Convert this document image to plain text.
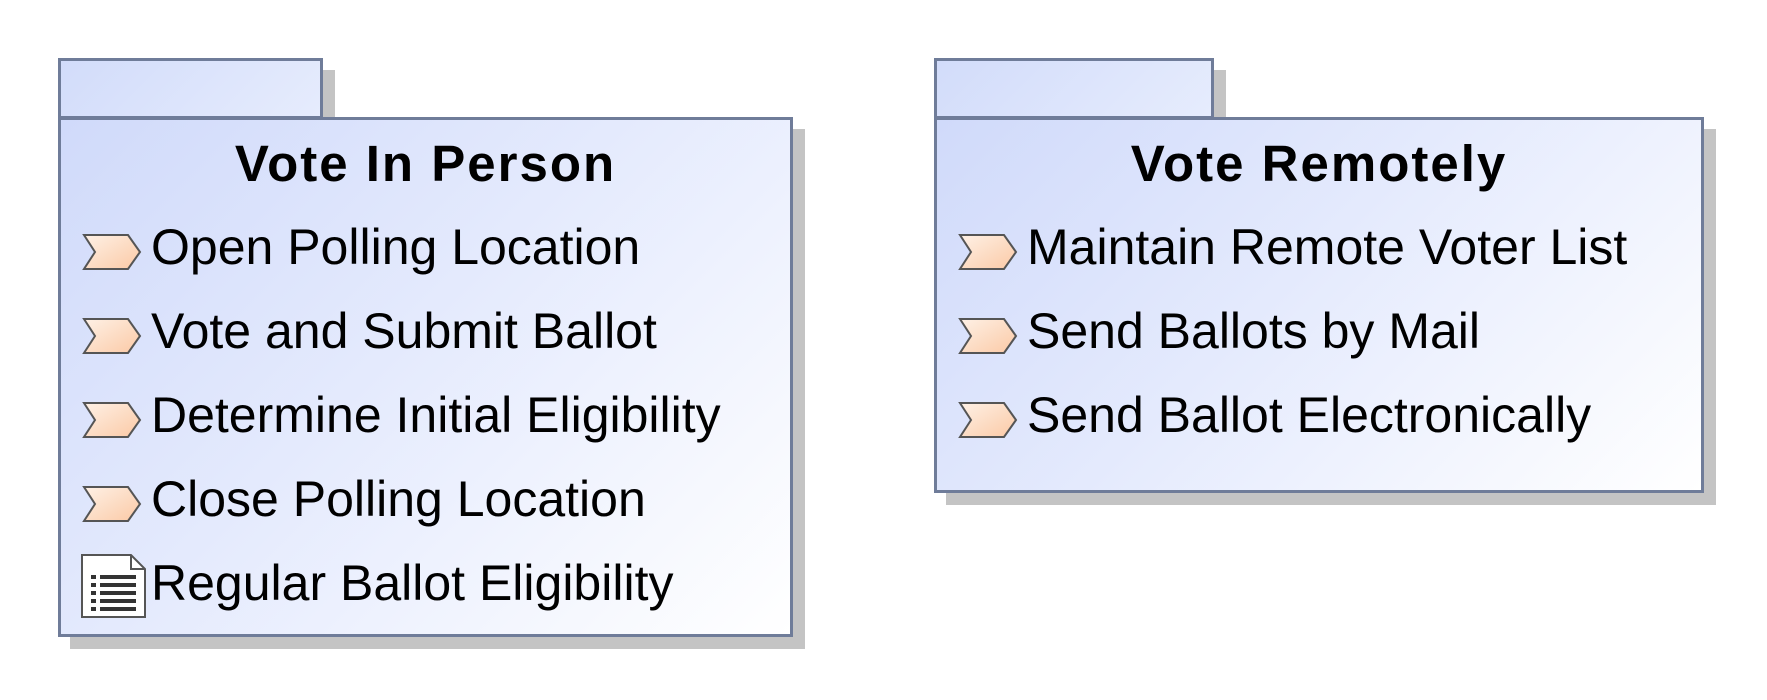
Vote In Person
Open Polling Location
Vote and Submit Ballot
Determine Initial Eligibility
Close Polling Location
Regular Ballot Eligibility
Vote Remotely
Maintain Remote Voter List
Send Ballots by Mail
Send Ballot Electronically
